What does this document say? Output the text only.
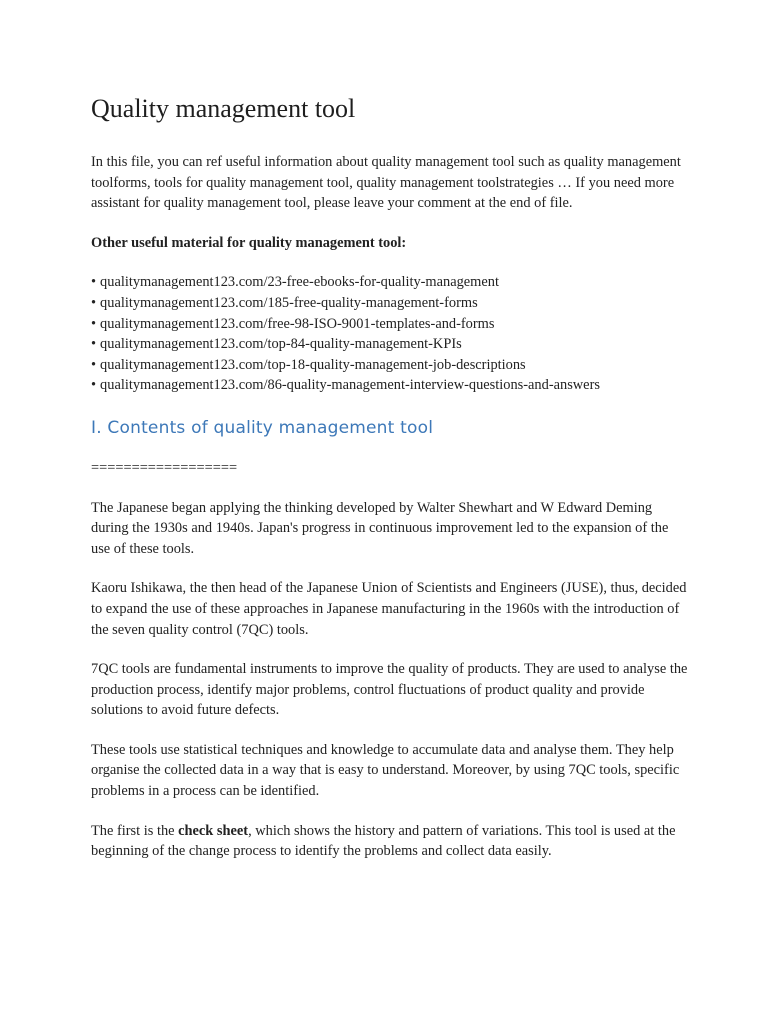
Quality management tool

In this file, you can ref useful information about quality management tool such as quality management toolforms, tools for quality management tool, quality management toolstrategies … If you need more assistant for quality management tool, please leave your comment at the end of file.

Other useful material for quality management tool:

• qualitymanagement123.com/23-free-ebooks-for-quality-management
• qualitymanagement123.com/185-free-quality-management-forms
• qualitymanagement123.com/free-98-ISO-9001-templates-and-forms
• qualitymanagement123.com/top-84-quality-management-KPIs
• qualitymanagement123.com/top-18-quality-management-job-descriptions
• qualitymanagement123.com/86-quality-management-interview-questions-and-answers
I. Contents of quality management tool

==================

The Japanese began applying the thinking developed by Walter Shewhart and W Edward Deming during the 1930s and 1940s. Japan's progress in continuous improvement led to the expansion of the use of these tools.

Kaoru Ishikawa, the then head of the Japanese Union of Scientists and Engineers (JUSE), thus, decided to expand the use of these approaches in Japanese manufacturing in the 1960s with the introduction of the seven quality control (7QC) tools.

7QC tools are fundamental instruments to improve the quality of products. They are used to analyse the production process, identify major problems, control fluctuations of product quality and provide solutions to avoid future defects.

These tools use statistical techniques and knowledge to accumulate data and analyse them. They help organise the collected data in a way that is easy to understand. Moreover, by using 7QC tools, specific problems in a process can be identified.

The first is the check sheet, which shows the history and pattern of variations. This tool is used at the beginning of the change process to identify the problems and collect data easily.
